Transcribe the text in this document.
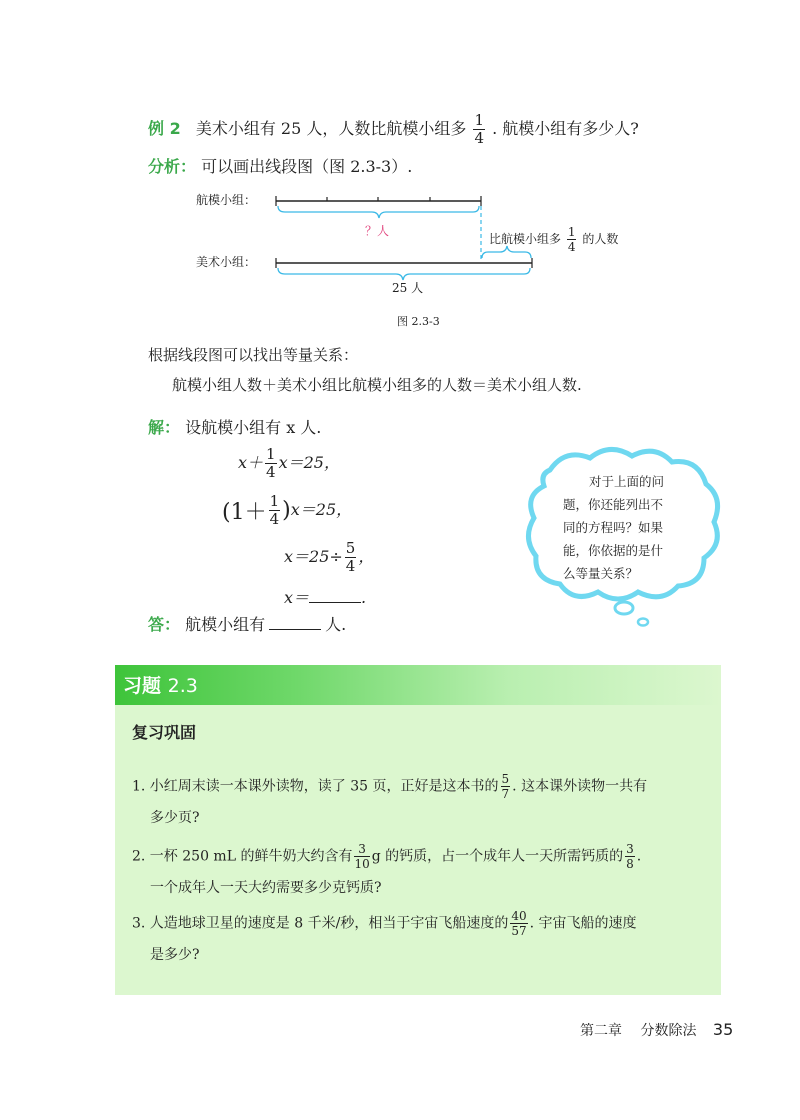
例 2 美术小组有 25 人，人数比航模小组多 $\frac{1}{4}$ . 航模小组有多少人?
分析： 可以画出线段图（图 2.3-3）.
航模小组：
？人
美术小组：
25 人
比航模小组多 $\frac{1}{4}$ 的人数
图 2.3-3
根据线段图可以找出等量关系：
航模小组人数＋美术小组比航模小组多的人数＝美术小组人数.
解： 设航模小组有 x 人.
$x+ \frac{1}{4} x=25$，
$(1+ \frac{1}{4} )x=25$，
$x=25\div \frac{5}{4}$ ，
x＝	.
答： 航模小组有	人.
对于上面的问
题，你还能列出不
同的方程吗？如果
能，你依据的是什
么等量关系？
习题 2.3
复习巩固
1. 小红周末读一本课外读物，读了 35 页，正好是这本书的 $\frac{5}{7}$ . 这本课外读物一共有
多少页?
2. 一杯 250 mL 的鲜牛奶大约含有 $\frac{3}{10}$ g 的钙质，占一个成年人一天所需钙质的 $\frac{3}{8}$ .
一个成年人一天大约需要多少克钙质?
3. 人造地球卫星的速度是 8 千米/秒，相当于宇宙飞船速度的 $\frac{40}{57}$ . 宇宙飞船的速度
是多少?
第二章 分数除法 35
